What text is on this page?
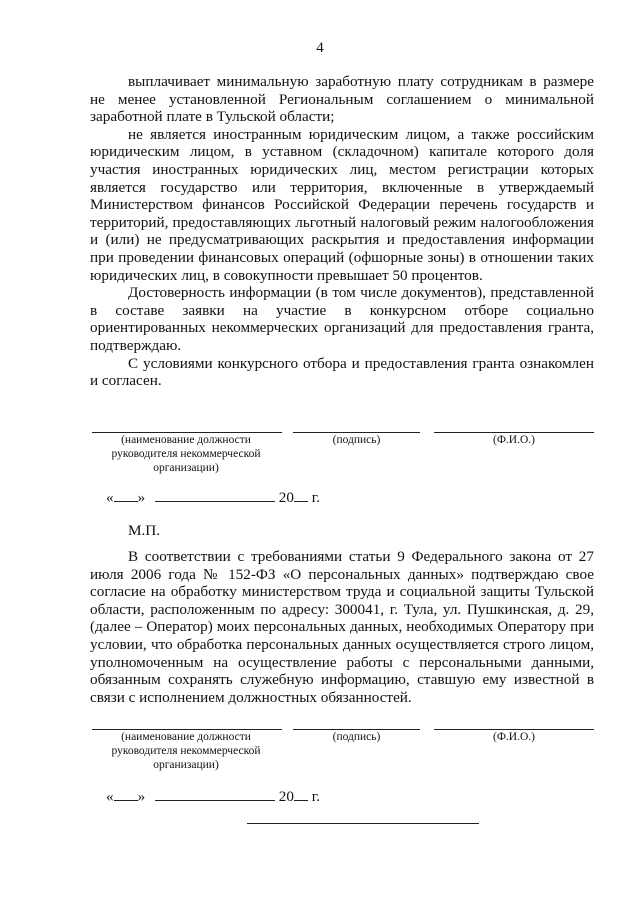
4

выплачивает минимальную заработную плату сотрудникам в размере не менее установленной Региональным соглашением о минимальной заработной плате в Тульской области;

не является иностранным юридическим лицом, а также российским юридическим лицом, в уставном (складочном) капитале которого доля участия иностранных юридических лиц, местом регистрации которых является государство или территория, включенные в утверждаемый Министерством финансов Российской Федерации перечень государств и территорий, предоставляющих льготный налоговый режим налогообложения и (или) не предусматривающих раскрытия и предоставления информации при проведении финансовых операций (офшорные зоны) в отношении таких юридических лиц, в совокупности превышает 50 процентов.

Достоверность информации (в том числе документов), представленной в составе заявки на участие в конкурсном отборе социально ориентированных некоммерческих организаций для предоставления гранта, подтверждаю.

С условиями конкурсного отбора и предоставления гранта ознакомлен и согласен.

(наименование должности руководителя некоммерческой организации)
(подпись)	(Ф.И.О.)
« »	20 г.
М.П.

В соответствии с требованиями статьи 9 Федерального закона от 27 июля 2006 года № 152-ФЗ «О персональных данных» подтверждаю свое согласие на обработку министерством труда и социальной защиты Тульской области, расположенным по адресу: 300041, г. Тула, ул. Пушкинская, д. 29, (далее – Оператор) моих персональных данных, необходимых Оператору при условии, что обработка персональных данных осуществляется строго лицом, уполномоченным на осуществление работы с персональными данными, обязанным сохранять служебную информацию, ставшую ему известной в связи с исполнением должностных обязанностей.

(наименование должности руководителя некоммерческой организации)
(подпись)	(Ф.И.О.)
« »	20 г.
